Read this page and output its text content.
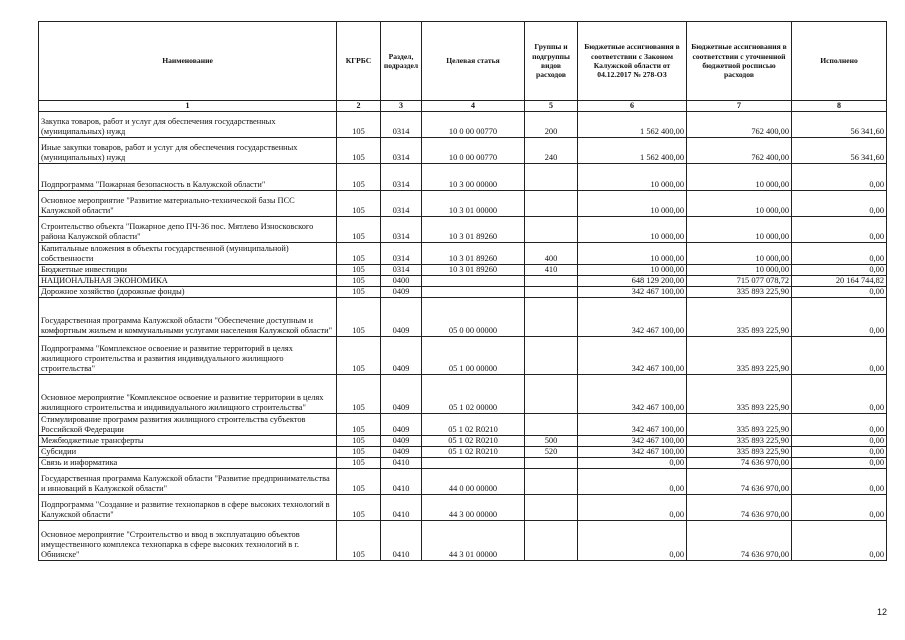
Наименование	КГРБС	Раздел, подраздел	Целевая статья	Группы и подгруппы видов расходов	Бюджетные ассигнования в соответствии с Законом Калужской области от 04.12.2017 № 278-ОЗ	Бюджетные ассигнования в соответствии с уточненной бюджетной росписью расходов	Исполнено
1	2	3	4	5	6	7	8
Закупка товаров, работ и услуг для обеспечения государственных (муниципальных) нужд	105	0314	10 0 00 00770	200	1 562 400,00	762 400,00	56 341,60
Иные закупки товаров, работ и услуг для обеспечения государственных (муниципальных) нужд	105	0314	10 0 00 00770	240	1 562 400,00	762 400,00	56 341,60
Подпрограмма "Пожарная безопасность в Калужской области"	105	0314	10 3 00 00000		10 000,00	10 000,00	0,00
Основное мероприятие "Развитие материально-технической базы ПСС Калужской области"	105	0314	10 3 01 00000		10 000,00	10 000,00	0,00
Строительство объекта "Пожарное депо ПЧ-36 пос. Мятлево Износковского района Калужской области"	105	0314	10 3 01 89260		10 000,00	10 000,00	0,00
Капитальные вложения в объекты государственной (муниципальной) собственности	105	0314	10 3 01 89260	400	10 000,00	10 000,00	0,00
Бюджетные инвестиции	105	0314	10 3 01 89260	410	10 000,00	10 000,00	0,00
НАЦИОНАЛЬНАЯ ЭКОНОМИКА	105	0400			648 129 200,00	715 077 078,72	20 164 744,82
Дорожное хозяйство (дорожные фонды)	105	0409			342 467 100,00	335 893 225,90	0,00
Государственная программа Калужской области "Обеспечение доступным и комфортным жильем и коммунальными услугами населения Калужской области"	105	0409	05 0 00 00000		342 467 100,00	335 893 225,90	0,00
Подпрограмма "Комплексное освоение и развитие территорий в целях жилищного строительства и развития индивидуального жилищного строительства"	105	0409	05 1 00 00000		342 467 100,00	335 893 225,90	0,00
Основное мероприятие "Комплексное освоение и развитие территории в целях жилищного строительства и индивидуального жилищного строительства"	105	0409	05 1 02 00000		342 467 100,00	335 893 225,90	0,00
Стимулирование программ развития жилищного строительства субъектов Российской Федерации	105	0409	05 1 02 R0210		342 467 100,00	335 893 225,90	0,00
Межбюджетные трансферты	105	0409	05 1 02 R0210	500	342 467 100,00	335 893 225,90	0,00
Субсидии	105	0409	05 1 02 R0210	520	342 467 100,00	335 893 225,90	0,00
Связь и информатика	105	0410			0,00	74 636 970,00	0,00
Государственная программа Калужской области "Развитие предпринимательства и инноваций в Калужской области"	105	0410	44 0 00 00000		0,00	74 636 970,00	0,00
Подпрограмма "Создание и развитие технопарков в сфере высоких технологий в Калужской области"	105	0410	44 3 00 00000		0,00	74 636 970,00	0,00
Основное мероприятие "Строительство и ввод в эксплуатацию объектов имущественного комплекса технопарка в сфере высоких технологий в г. Обнинске"	105	0410	44 3 01 00000		0,00	74 636 970,00	0,00
12
